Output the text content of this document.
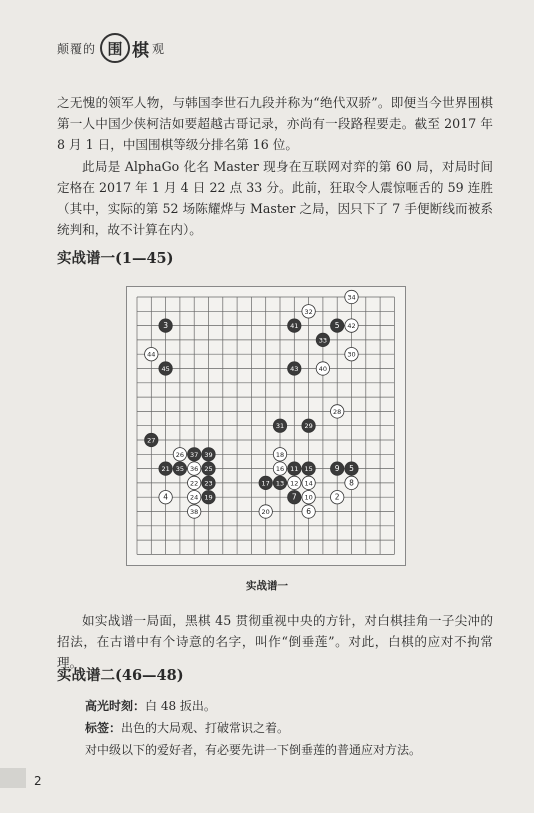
颠覆的 围 棋 观
之无愧的领军人物，与韩国李世石九段并称为“绝代双骄”。即便当今世界围棋第一人中国少侠柯洁如要超越古哥记录，亦尚有一段路程要走。截至 2017 年 8 月 1 日，中国围棋等级分排名第 16 位。
此局是 AlphaGo 化名 Master 现身在互联网对弈的第 60 局，对局时间定格在 2017 年 1 月 4 日 22 点 33 分。此前，狂取令人震惊咂舌的 59 连胜（其中，实际的第 52 场陈耀烨与 Master 之局，因只下了 7 手便断线而被系统判和，故不计算在内）。
实战谱一(1—45)
34
32
3	41	5 42
33
44	30
45	43	40
28
31	29
27
26 37 39	18
21 35 36 25	16 11 15	9 5
22 23	17 13 12 14	8
4	24 19	7 10	2
38	20	6
实战谱一
如实战谱一局面，黑棋 45 贯彻重视中央的方针，对白棋挂角一子尖冲的招法，在古谱中有个诗意的名字，叫作“倒垂莲”。对此，白棋的应对不拘常理。
实战谱二(46—48)
高光时刻：白 48 扳出。
标签：出色的大局观、打破常识之着。
对中级以下的爱好者，有必要先讲一下倒垂莲的普通应对方法。
2
